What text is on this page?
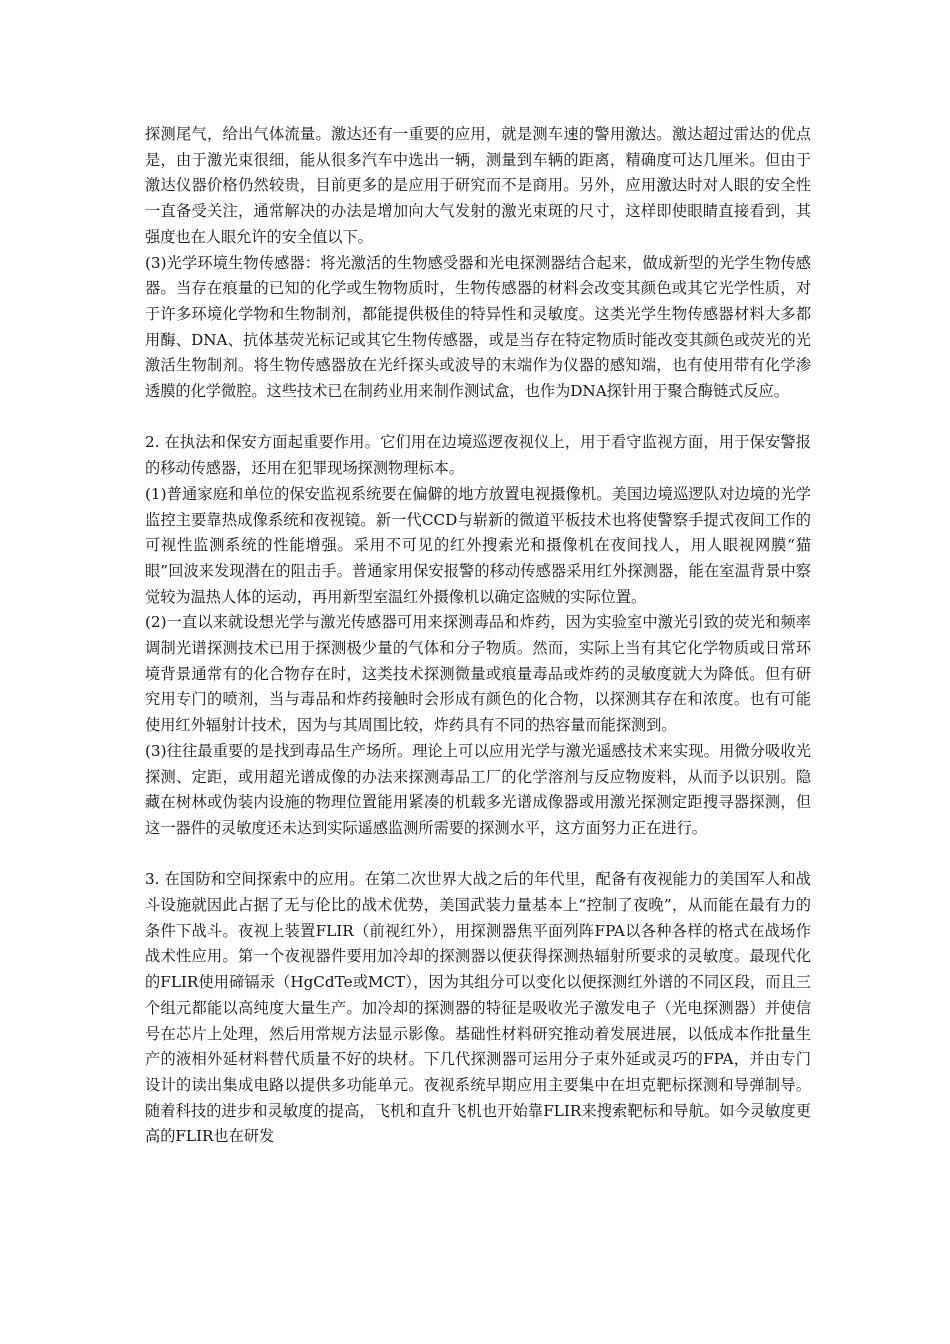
探测尾气，给出气体流量。激达还有一重要的应用，就是测车速的警用激达。激达超过雷达的优点是，由于激光束很细，能从很多汽车中选出一辆，测量到车辆的距离，精确度可达几厘米。但由于激达仪器价格仍然较贵，目前更多的是应用于研究而不是商用。另外，应用激达时对人眼的安全性一直备受关注，通常解决的办法是增加向大气发射的激光束斑的尺寸，这样即使眼睛直接看到，其强度也在人眼允许的安全值以下。

(3)光学环境生物传感器：将光激活的生物感受器和光电探测器结合起来，做成新型的光学生物传感器。当存在痕量的已知的化学或生物物质时，生物传感器的材料会改变其颜色或其它光学性质，对于许多环境化学物和生物制剂，都能提供极佳的特异性和灵敏度。这类光学生物传感器材料大多都用酶、DNA、抗体基荧光标记或其它生物传感器，或是当存在特定物质时能改变其颜色或荧光的光激活生物制剂。将生物传感器放在光纤探头或波导的末端作为仪器的感知端，也有使用带有化学渗透膜的化学微腔。这些技术已在制药业用来制作测试盒，也作为DNA探针用于聚合酶链式反应。

2. 在执法和保安方面起重要作用。它们用在边境巡逻夜视仪上，用于看守监视方面，用于保安警报的移动传感器，还用在犯罪现场探测物理标本。

(1)普通家庭和单位的保安监视系统要在偏僻的地方放置电视摄像机。美国边境巡逻队对边境的光学监控主要靠热成像系统和夜视镜。新一代CCD与崭新的微道平板技术也将使警察手提式夜间工作的可视性监测系统的性能增强。采用不可见的红外搜索光和摄像机在夜间找人，用人眼视网膜“猫眼”回波来发现潜在的阻击手。普通家用保安报警的移动传感器采用红外探测器，能在室温背景中察觉较为温热人体的运动，再用新型室温红外摄像机以确定盗贼的实际位置。

(2)一直以来就设想光学与激光传感器可用来探测毒品和炸药，因为实验室中激光引致的荧光和频率调制光谱探测技术已用于探测极少量的气体和分子物质。然而，实际上当有其它化学物质或日常环境背景通常有的化合物存在时，这类技术探测微量或痕量毒品或炸药的灵敏度就大为降低。但有研究用专门的喷剂，当与毒品和炸药接触时会形成有颜色的化合物，以探测其存在和浓度。也有可能使用红外辐射计技术，因为与其周围比较，炸药具有不同的热容量而能探测到。

(3)往往最重要的是找到毒品生产场所。理论上可以应用光学与激光遥感技术来实现。用微分吸收光探测、定距，或用超光谱成像的办法来探测毒品工厂的化学溶剂与反应物废料，从而予以识别。隐藏在树林或伪装内设施的物理位置能用紧凑的机载多光谱成像器或用激光探测定距搜寻器探测，但这一器件的灵敏度还未达到实际遥感监测所需要的探测水平，这方面努力正在进行。

3. 在国防和空间探索中的应用。在第二次世界大战之后的年代里，配备有夜视能力的美国军人和战斗设施就因此占据了无与伦比的战术优势，美国武装力量基本上“控制了夜晚”，从而能在最有力的条件下战斗。夜视上装置FLIR（前视红外），用探测器焦平面列阵FPA以各种各样的格式在战场作战术性应用。第一个夜视器件要用加冷却的探测器以便获得探测热辐射所要求的灵敏度。最现代化的FLIR使用碲镉汞（HgCdTe或MCT），因为其组分可以变化以便探测红外谱的不同区段，而且三个组元都能以高纯度大量生产。加冷却的探测器的特征是吸收光子激发电子（光电探测器）并使信号在芯片上处理，然后用常规方法显示影像。基础性材料研究推动着发展进展，以低成本作批量生产的液相外延材料替代质量不好的块材。下几代探测器可运用分子束外延或灵巧的FPA，并由专门设计的读出集成电路以提供多功能单元。夜视系统早期应用主要集中在坦克靶标探测和导弹制导。随着科技的进步和灵敏度的提高，飞机和直升飞机也开始靠FLIR来搜索靶标和导航。如今灵敏度更高的FLIR也在研发
